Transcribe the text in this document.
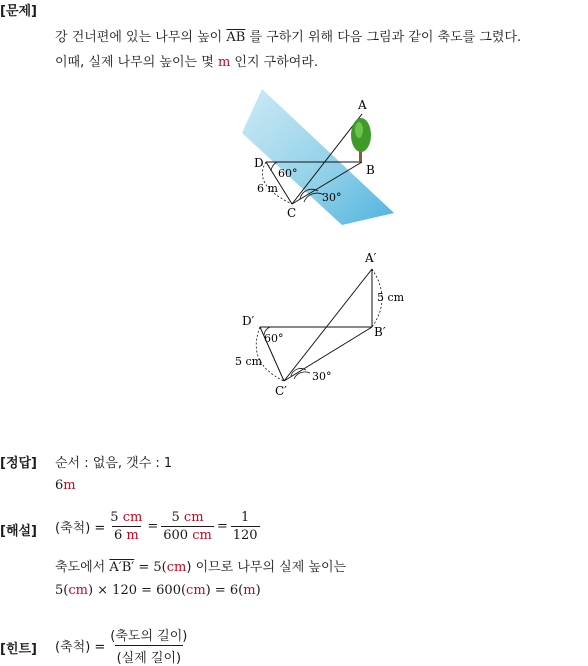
[문제]
강 건너편에 있는 나무의 높이 $\overline{AB}$ 를 구하기 위해 다음 그림과 같이 축도를 그렸다.
이때, 실제 나무의 높이는 몇 m 인지 구하여라.
A
B
C
D
60°
30°
6 m
A′
B′
C′
D′
60°
30°
5 cm
5 cm
[정답] 순서 : 없음, 갯수 : 1
6m
[해설] (축척) = $\frac{5 cm}{6 m} = \frac{5 cm}{600 cm} = \frac{1}{120}$
축도에서 A′B′ = 5(cm) 이므로 나무의 실제 높이는
5(cm) × 120 = 600(cm) = 6(m)
[힌트] (축척) = $\frac{\text{(축도의 길이)}}{\text{(실제 길이)}}$
